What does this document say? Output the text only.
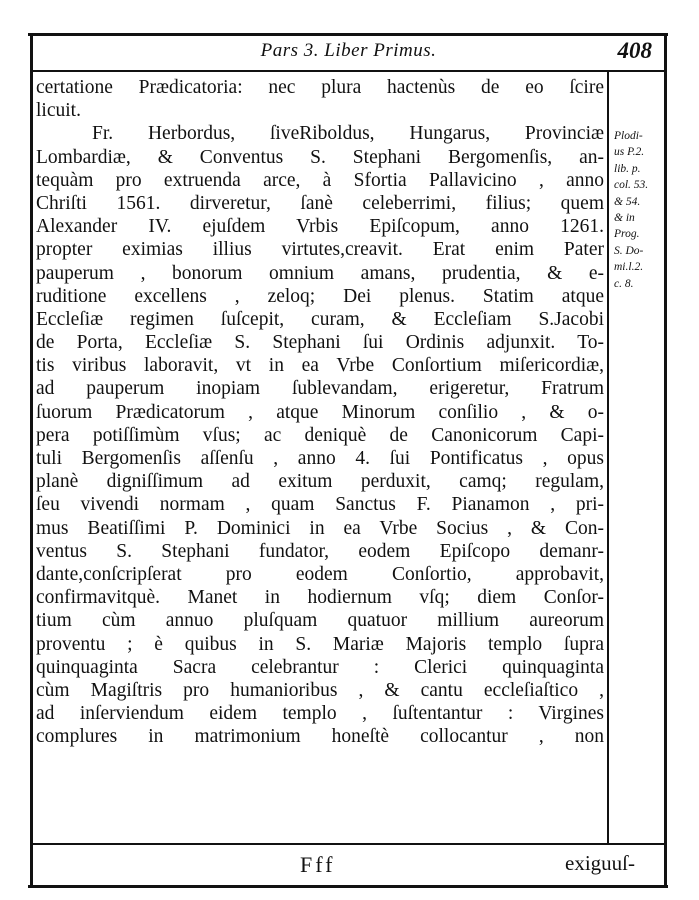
Pars 3. Liber Primus.	408
certatione Prædicatoria: nec plura hactenùs de eo ſcire
licuit.
Fr. Herbordus, ſiveRiboldus, Hungarus, Provinciæ
Lombardiæ, & Conventus S. Stephani Bergomenſis, an-
tequàm pro extruenda arce, à Sfortia Pallavicino , anno
Chriſti 1561. dirveretur, ſanè celeberrimi, filius; quem
Alexander IV. ejuſdem Vrbis Epiſcopum, anno 1261.
propter eximias illius virtutes,creavit. Erat enim Pater
pauperum , bonorum omnium amans, prudentia, & e-
ruditione excellens , zeloq; Dei plenus. Statim atque
Eccleſiæ regimen ſuſcepit, curam, & Eccleſiam S.Jacobi
de Porta, Eccleſiæ S. Stephani ſui Ordinis adjunxit. To-
tis viribus laboravit, vt in ea Vrbe Conſortium miſericordiæ,
ad pauperum inopiam ſublevandam, erigeretur, Fratrum
ſuorum Prædicatorum , atque Minorum conſilio , & o-
pera potiſſimùm vſus; ac deniquè de Canonicorum Capi-
tuli Bergomenſis aſſenſu , anno 4. ſui Pontificatus , opus
planè digniſſimum ad exitum perduxit, camq; regulam,
ſeu vivendi normam , quam Sanctus F. Pianamon , pri-
mus Beatiſſimi P. Dominici in ea Vrbe Socius , & Con-
ventus S. Stephani fundator, eodem Epiſcopo demanr-
dante,conſcripſerat pro eodem Conſortio, approbavit,
confirmavitquè. Manet in hodiernum vſq; diem Conſor-
tium cùm annuo pluſquam quatuor millium aureorum
proventu ; è quibus in S. Mariæ Majoris templo ſupra
quinquaginta Sacra celebrantur : Clerici quinquaginta
cùm Magiſtris pro humanioribus , & cantu eccleſiaſtico ,
ad inſerviendum eidem templo , ſuſtentantur : Virgines
complures in matrimonium honeſtè collocantur , non
Plodi-
us P.2.
lib. p.
col. 53.
& 54.
& in
Prog.
S. Do-
mi.l.2.
c. 8.
Fff	exiguuſ-
